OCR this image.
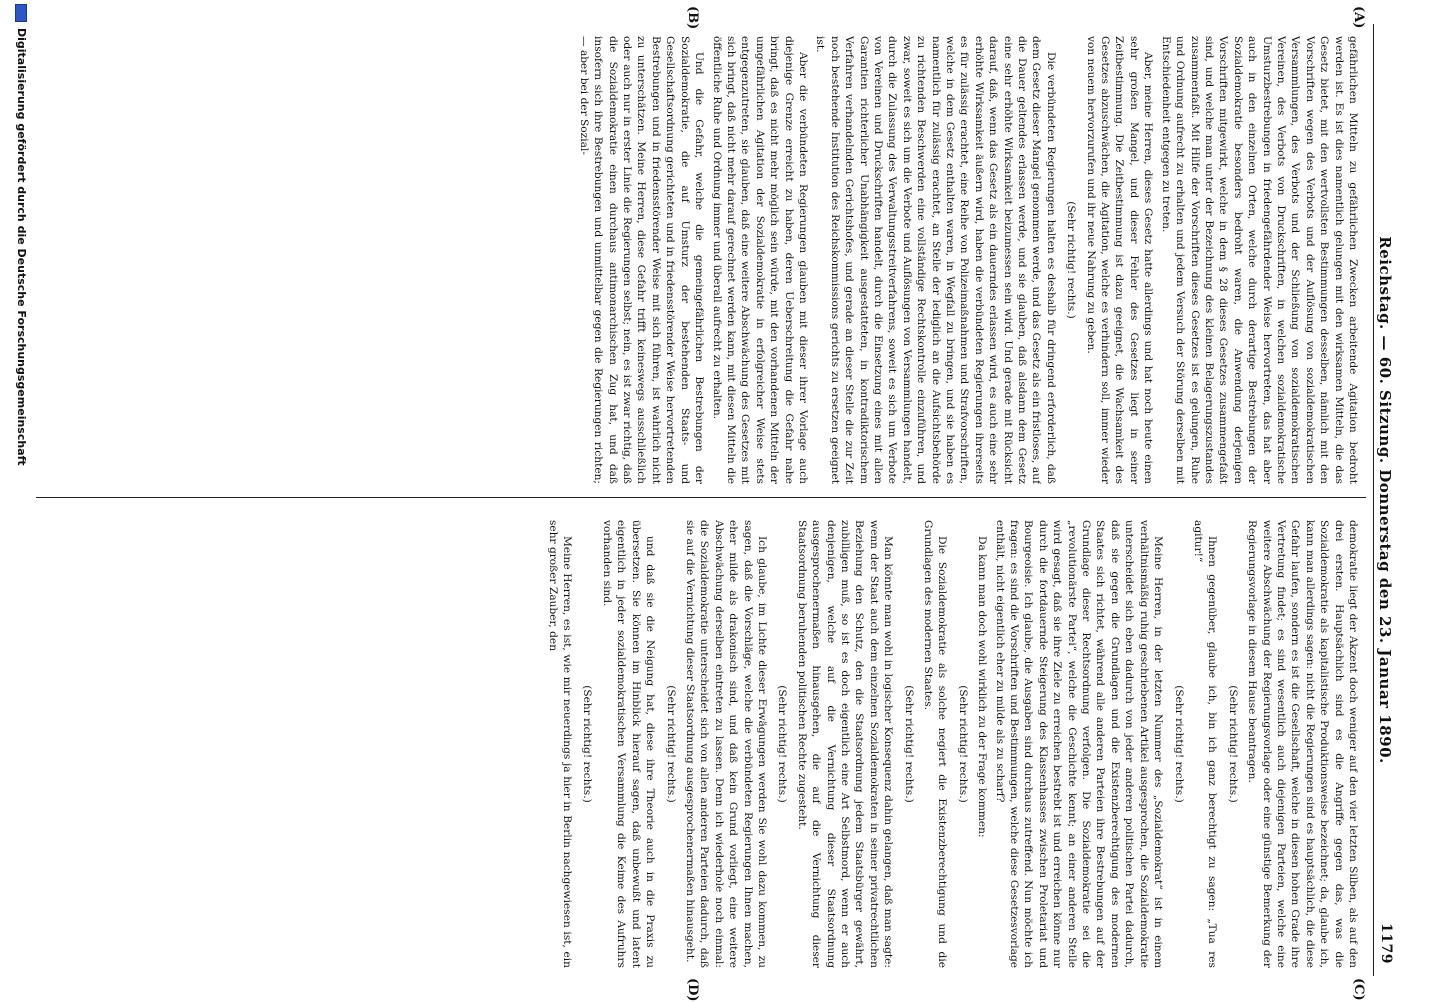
Reichstag. — 60. Sitzung. Donnerstag den 23. Januar 1890.
1179
(A)
(B)
(C)
(D)

gefährlichen Mitteln zu gefährlichen Zwecken arbeitende Agitation bedroht werden ist. Es ist dies namentlich gelungen mit den wirksamen Mitteln, die das Gesetz bietet, mit den wertvollsten Bestimmungen desselben, nämlich mit den Vorschriften wegen des Verbots und der Auflösung von sozialdemokratischen Versammlungen, des Verbots und der Schließung von sozialdemokratischen Vereinen, des Verbots von Druckschriften, in welchen sozialdemokratische Umsturzbestrebungen in friedengefährdender Weise hervortreten, das hat aber auch in den einzelnen Orten, welche durch derartige Bestrebungen der Sozialdemokratie besonders bedroht waren, die Anwendung derjenigen Vorschriften mitgewirkt, welche in dem § 28 dieses Gesetzes zusammengefaßt sind, und welche man unter der Bezeichnung des kleinen Belagerungszustandes zusammenfaßt. Mit Hilfe der Vorschriften dieses Gesetzes ist es gelungen, Ruhe und Ordnung aufrecht zu erhalten und jedem Versuch der Störung derselben mit Entschiedenheit entgegen zu treten.

Aber, meine Herren, dieses Gesetz hatte allerdings und hat noch heute einen sehr großen Mangel, und dieser Fehler des Gesetzes liegt in seiner Zeitbestimmung. Die Zeitbestimmung ist dazu geeignet, die Wachsamkeit des Gesetzes abzuschwächen, die Agitation, welche es verhindern soll, immer wieder von neuem hervorzurufen und ihr neue Nahrung zu geben.

(Sehr richtig! rechts.)

Die verbündeten Regierungen halten es deshalb für dringend erforderlich, daß dem Gesetz dieser Mangel genommen werde, und das Gesetz als ein fristloses, auf die Dauer geltendes erlassen werde, und sie glauben, daß alsdann dem Gesetz eine sehr erhöhte Wirksamkeit beizumessen sein wird. Und gerade mit Rücksicht darauf, daß, wenn das Gesetz als ein dauerndes erlassen wird, es auch eine sehr erhöhte Wirksamkeit äußern wird, haben die verbündeten Regierungen ihrerseits es für zulässig erachtet, eine Reihe von Polizeimaßnahmen und Strafvorschriften, welche in dem Gesetz enthalten waren, in Wegfall zu bringen, und sie haben es namentlich für zulässig erachtet, an Stelle der lediglich an die Aufsichtsbehörde zu richtenden Beschwerden eine vollständige Rechtskontrolle einzuführen, und zwar, soweit es sich um die Verbote und Auflösungen von Versammlungen handelt, durch die Zulassung des Verwaltungsstreitverfahrens, soweit es sich um Verbote von Vereinen und Druckschriften handelt, durch die Einsetzung eines mit allen Garantien richterlicher Unabhängigkeit ausgestatteten, in kontradiktorischem Verfahren verhandelnden Gerichtshofes, und gerade an dieser Stelle die zur Zeit noch bestehende Institution des Reichskommissions gerichts zu ersetzen geeignet ist.

Aber die verbündeten Regierungen glauben mit dieser ihrer Vorlage auch diejenige Grenze erreicht zu haben, deren Ueberschreitung die Gefahr nahe bringt, daß es nicht mehr möglich sein würde, mit den vorhandenen Mitteln der umgefährlichen Agitation der Sozialdemokratie in erfolgreicher Weise stets entgegenzutreten, sie glauben, daß eine weitere Abschwächung des Gesetzes mit sich bringt, daß nicht mehr darauf gerechnet werden kann, mit diesen Mitteln die öffentliche Ruhe und Ordnung immer und überall aufrecht zu erhalten.

Und die Gefahr, welche die gemeingefährlichen Bestrebungen der Sozialdemokratie, die auf Umsturz der bestehenden Staats- und Gesellschaftsordnung gerichteten und in friedensstörender Weise hervortretenden Bestrebungen und in friedensstörender Weise mit sich führen, ist wahrlich nicht zu unterschätzen. Meine Herren, diese Gefahr trifft keineswegs ausschließlich oder auch nur in erster Linie die Regierungen selbst; nein, es ist zwar richtig, daß die Sozialdemokratie einen durchaus antimonarchischen Zug hat, und daß insofern sich ihre Bestrebungen und unmittelbar gegen die Regierungen richten; — aber bei der Sozial-

demokratie liegt der Akzent doch weniger auf den vier letzten Silben, als auf den drei ersten. Hauptsächlich sind es die Angriffe gegen das, was die Sozialdemokratie als kapitalistische Produktionsweise bezeichnet; da, glaube ich, kann man allerdings sagen: nicht die Regierungen sind es hauptsächlich, die diese Gefahr laufen, sondern es ist die Gesellschaft, welche in diesen hohen Grade ihre Vertretung findet; es sind wesentlich auch diejenigen Parteien, welche eine weitere Abschwächung der Regierungsvorlage oder eine günstige Bemerkung der Regierungsvorlage in diesem Hause beantragen.

(Sehr richtig! rechts.)

Ihnen gegenüber, glaube ich, bin ich ganz berechtigt zu sagen: „Tua res agitur!“

(Sehr richtig! rechts.)

Meine Herren, in der letzten Nummer des „Sozialdemokrat“ ist in einem verhältnismäßig ruhig geschriebenen Artikel ausgesprochen, die Sozialdemokratie unterscheidet sich eben dadurch von jeder anderen politischen Partei dadurch, daß sie gegen die Grundlagen und die Existenzberechtigung des modernen Staates sich richtet, während alle anderen Parteien ihre Bestrebungen auf der Grundlage dieser Rechtsordnung verfolgen. Die Sozialdemokratie sei die „revolutionärste Partei“, welche die Geschichte kennt; an einer anderen Stelle wird gesagt, daß sie ihre Ziele zu erreichen bestrebt ist und erreichen könne nur durch die fortdauernde Steigerung des Klassenhasses zwischen Proletariat und Bourgeoisie. Ich glaube, die Ausgaben sind durchaus zutreffend. Nun möchte ich fragen: es sind die Vorschriften und Bestimmungen, welche diese Gesetzesvorlage enthält, nicht eigentlich eher zu milde als zu scharf?

Da kann man doch wohl wirklich zu der Frage kommen:

(Sehr richtig! rechts.)

Die Sozialdemokratie als solche negiert die Existenzberechtigung und die Grundlagen des modernen Staates.

(Sehr richtig! rechts.)

Man könnte man wohl in logischer Konsequenz dahin gelangen, daß man sagte: wenn der Staat auch dem einzelnen Sozialdemokraten in seiner privatrechtlichen Beziehung den Schutz, den die Staatsordnung jedem Staatsbürger gewährt, zubilligen muß, so ist es doch eigentlich eine Art Selbstmord, wenn er auch denjenigen, welche auf die Vernichtung dieser Staatsordnung ausgesprochenermaßen hinausgehen, die auf die Vernichtung dieser Staatsordnung beruhenden politischen Rechte zugesteht.

(Sehr richtig! rechts.)

Ich glaube, im Lichte dieser Erwägungen werden Sie wohl dazu kommen, zu sagen, daß die Vorschläge, welche die verbündeten Regierungen Ihnen machen, eher milde als drakonisch sind, und daß kein Grund vorliegt, eine weitere Abschwächung derselben eintreten zu lassen. Denn ich wiederhole noch einmal: die Sozialdemokratie unterscheidet sich von allen anderen Parteien dadurch, daß sie auf die Vernichtung dieser Staatsordnung ausgesprochenermaßen hinausgeht.

(Sehr richtig! rechts.)

und daß sie die Neigung hat, diese ihre Theorie auch in die Praxis zu übersetzen. Sie können im Hinblick hierauf sagen, daß unbewußt und latent eigentlich in jeder sozialdemokratischen Versammlung die Keime des Aufruhrs vorhanden sind.

(Sehr richtig! rechts.)

Meine Herren, es ist, wie mir neuerdings ja hier in Berlin nachgewiesen ist, ein sehr großer Zauber, den

Digitalisierung gefördert durch die Deutsche Forschungsgemeinschaft
